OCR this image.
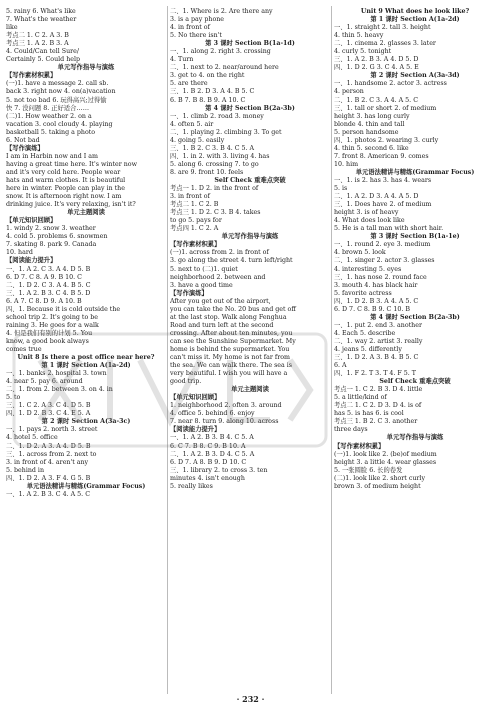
5. rainy 6. What's like
7. What's the weather
like
考点二 1. C 2. A 3. B
考点三 1. A 2. B 3. A
4. Could/Can tell Sure/
Certainly 5. Could help
单元写作指导与演练
【写作素材积累】
(一)1. have a message 2. call sb.
back 3. right now 4. on(a)vacation
5. not too bad 6. 玩得高兴;过得愉
快 7. 没问题 8. 正好适合……
(二)1. How weather 2. on a
vacation 3. cool cloudy 4. playing
basketball 5. taking a photo
6. Not bad
【写作演练】
I am in Harbin now and I am
having a great time here. It's winter now
and it's very cold here. People wear
hats and warm clothes. It is beautiful
here in winter. People can play in the
snow. It is afternoon right now. I am
drinking juice. It's very relaxing, isn't it?
单元主题阅读
【单元知识回顾】
1. windy 2. snow 3. weather
4. cold 5. problems 6. snowmen
7. skating 8. park 9. Canada
10. hard
【阅读能力提升】
一、1. A 2. C 3. A 4. D 5. B
6. D 7. C 8. A 9. B 10. C
二、1. D 2. C 3. A 4. B 5. C
三、1. A 2. B 3. C 4. B 5. D
6. A 7. C 8. D 9. A 10. B
四、1. Because it is cold outside the
school trip 2. It's going to be
raining 3. He goes for a walk
4. 但是我们有别的计划 5. You
know, a good book always
comes true
Unit 8 Is there a post office near here?
第 1 课时 Section A(1a-2d)
一、1. banks 2. hospital 3. town
4. near 5. pay 6. around
二、1. from 2. between 3. on 4. in
5. to
三、1. C 2. A 3. C 4. D 5. B
四、1. D 2. B 3. C 4. E 5. A
第 2 课时 Section A(3a-3c)
一、1. pays 2. north 3. street
4. hotel 5. office
二、1. D 2. A 3. A 4. D 5. B
三、1. across from 2. next to
3. in front of 4. aren't any
5. behind in
四、1. D 2. A 3. F 4. G 5. B
单元语法精讲与精练(Grammar Focus)
一、1. A 2. B 3. C 4. A 5. C
二、1. Where is 2. Are there any
3. is a pay phone
4. in front of
5. No there isn't
第 3 课时 Section B(1a-1d)
一、1. along 2. right 3. crossing
4. Turn
二、1. next to 2. near/around here
3. get to 4. on the right
5. are there
三、1. B 2. D 3. A 4. B 5. C
6. B 7. B 8. B 9. A 10. C
第 4 课时 Section B(2a-3b)
一、1. climb 2. road 3. money
4. often 5. air
二、1. playing 2. climbing 3. To get
4. going 5. easily
三、1. B 2. C 3. B 4. C 5. A
四、1. in 2. with 3. living 4. has
5. along 6. crossing 7. to go
8. are 9. front 10. feels
Self Check 重难点突破
考点一 1. D 2. in the front of
3. in front of
考点二 1. C 2. B
考点三 1. D 2. C 3. B 4. takes
to go 5. pays for
考点四 1. C 2. A
单元写作指导与演练
【写作素材积累】
(一)1. across from 2. in front of
3. go along the street 4. turn left/right
5. next to (二)1. quiet
neighborhood 2. between and
3. have a good time
【写作演练】
After you get out of the airport,
you can take the No. 20 bus and get off
at the last stop. Walk along Fenghua
Road and turn left at the second
crossing. After about ten minutes, you
can see the Sunshine Supermarket. My
home is behind the supermarket. You
can't miss it. My home is not far from
the sea. We can walk there. The sea is
very beautiful. I wish you will have a
good trip.
单元主题阅读
【单元知识回顾】
1. neighborhood 2. often 3. around
4. office 5. behind 6. enjoy
7. near 8. turn 9. along 10. across
【阅读能力提升】
一、1. A 2. B 3. B 4. C 5. A
6. C 7. B 8. C 9. B 10. A
二、1. A 2. B 3. D 4. C 5. A
6. D 7. A 8. B 9. D 10. C
三、1. library 2. to cross 3. ten
minutes 4. isn't enough
5. really likes
Unit 9 What does he look like?
第 1 课时 Section A(1a-2d)
一、1. straight 2. tall 3. height
4. thin 5. heavy
二、1. cinema 2. glasses 3. later
4. curly 5. tonight
三、1. A 2. B 3. A 4. D 5. D
四、1. D 2. G 3. C 4. A 5. E
第 2 课时 Section A(3a-3d)
一、1. handsome 2. actor 3. actress
4. person
二、1. B 2. C 3. A 4. A 5. C
三、1. tall or short 2. of medium
height 3. has long curly
blonde 4. thin and tall
5. person handsome
四、1. photos 2. wearing 3. curly
4. thin 5. second 6. like
7. front 8. American 9. comes
10. him
单元语法精讲与精练(Grammar Focus)
一、1. is 2. has 3. has 4. wears
5. is
二、1. A 2. D 3. A 4. A 5. D
三、1. Does have 2. of medium
height 3. is of heavy
4. What does look like
5. He is a tall man with short hair.
第 3 课时 Section B(1a-1e)
一、1. round 2. eye 3. medium
4. brown 5. look
二、1. singer 2. actor 3. glasses
4. interesting 5. eyes
三、1. has nose 2. round face
3. mouth 4. has black hair
5. favorite actress
四、1. D 2. B 3. A 4. A 5. C
6. D 7. C 8. B 9. C 10. B
第 4 课时 Section B(2a-3b)
一、1. put 2. end 3. another
4. Each 5. describe
二、1. way 2. artist 3. really
4. jeans 5. differently
三、1. D 2. A 3. B 4. B 5. C
6. A
四、1. F 2. T 3. T 4. F 5. T
Self Check 重难点突破
考点一 1. C 2. B 3. D 4. little
5. a little/kind of
考点二 1. C 2. D 3. D 4. is of
has 5. is has 6. is cool
考点三 1. B 2. C 3. another
three days
单元写作指导与演练
【写作素材积累】
(一)1. look like 2. (be)of medium
height 3. a little 4. wear glasses
5. 一张圆脸 6. 长的卷发
(二)1. look like 2. short curly
brown 3. of medium height
· 232 ·
